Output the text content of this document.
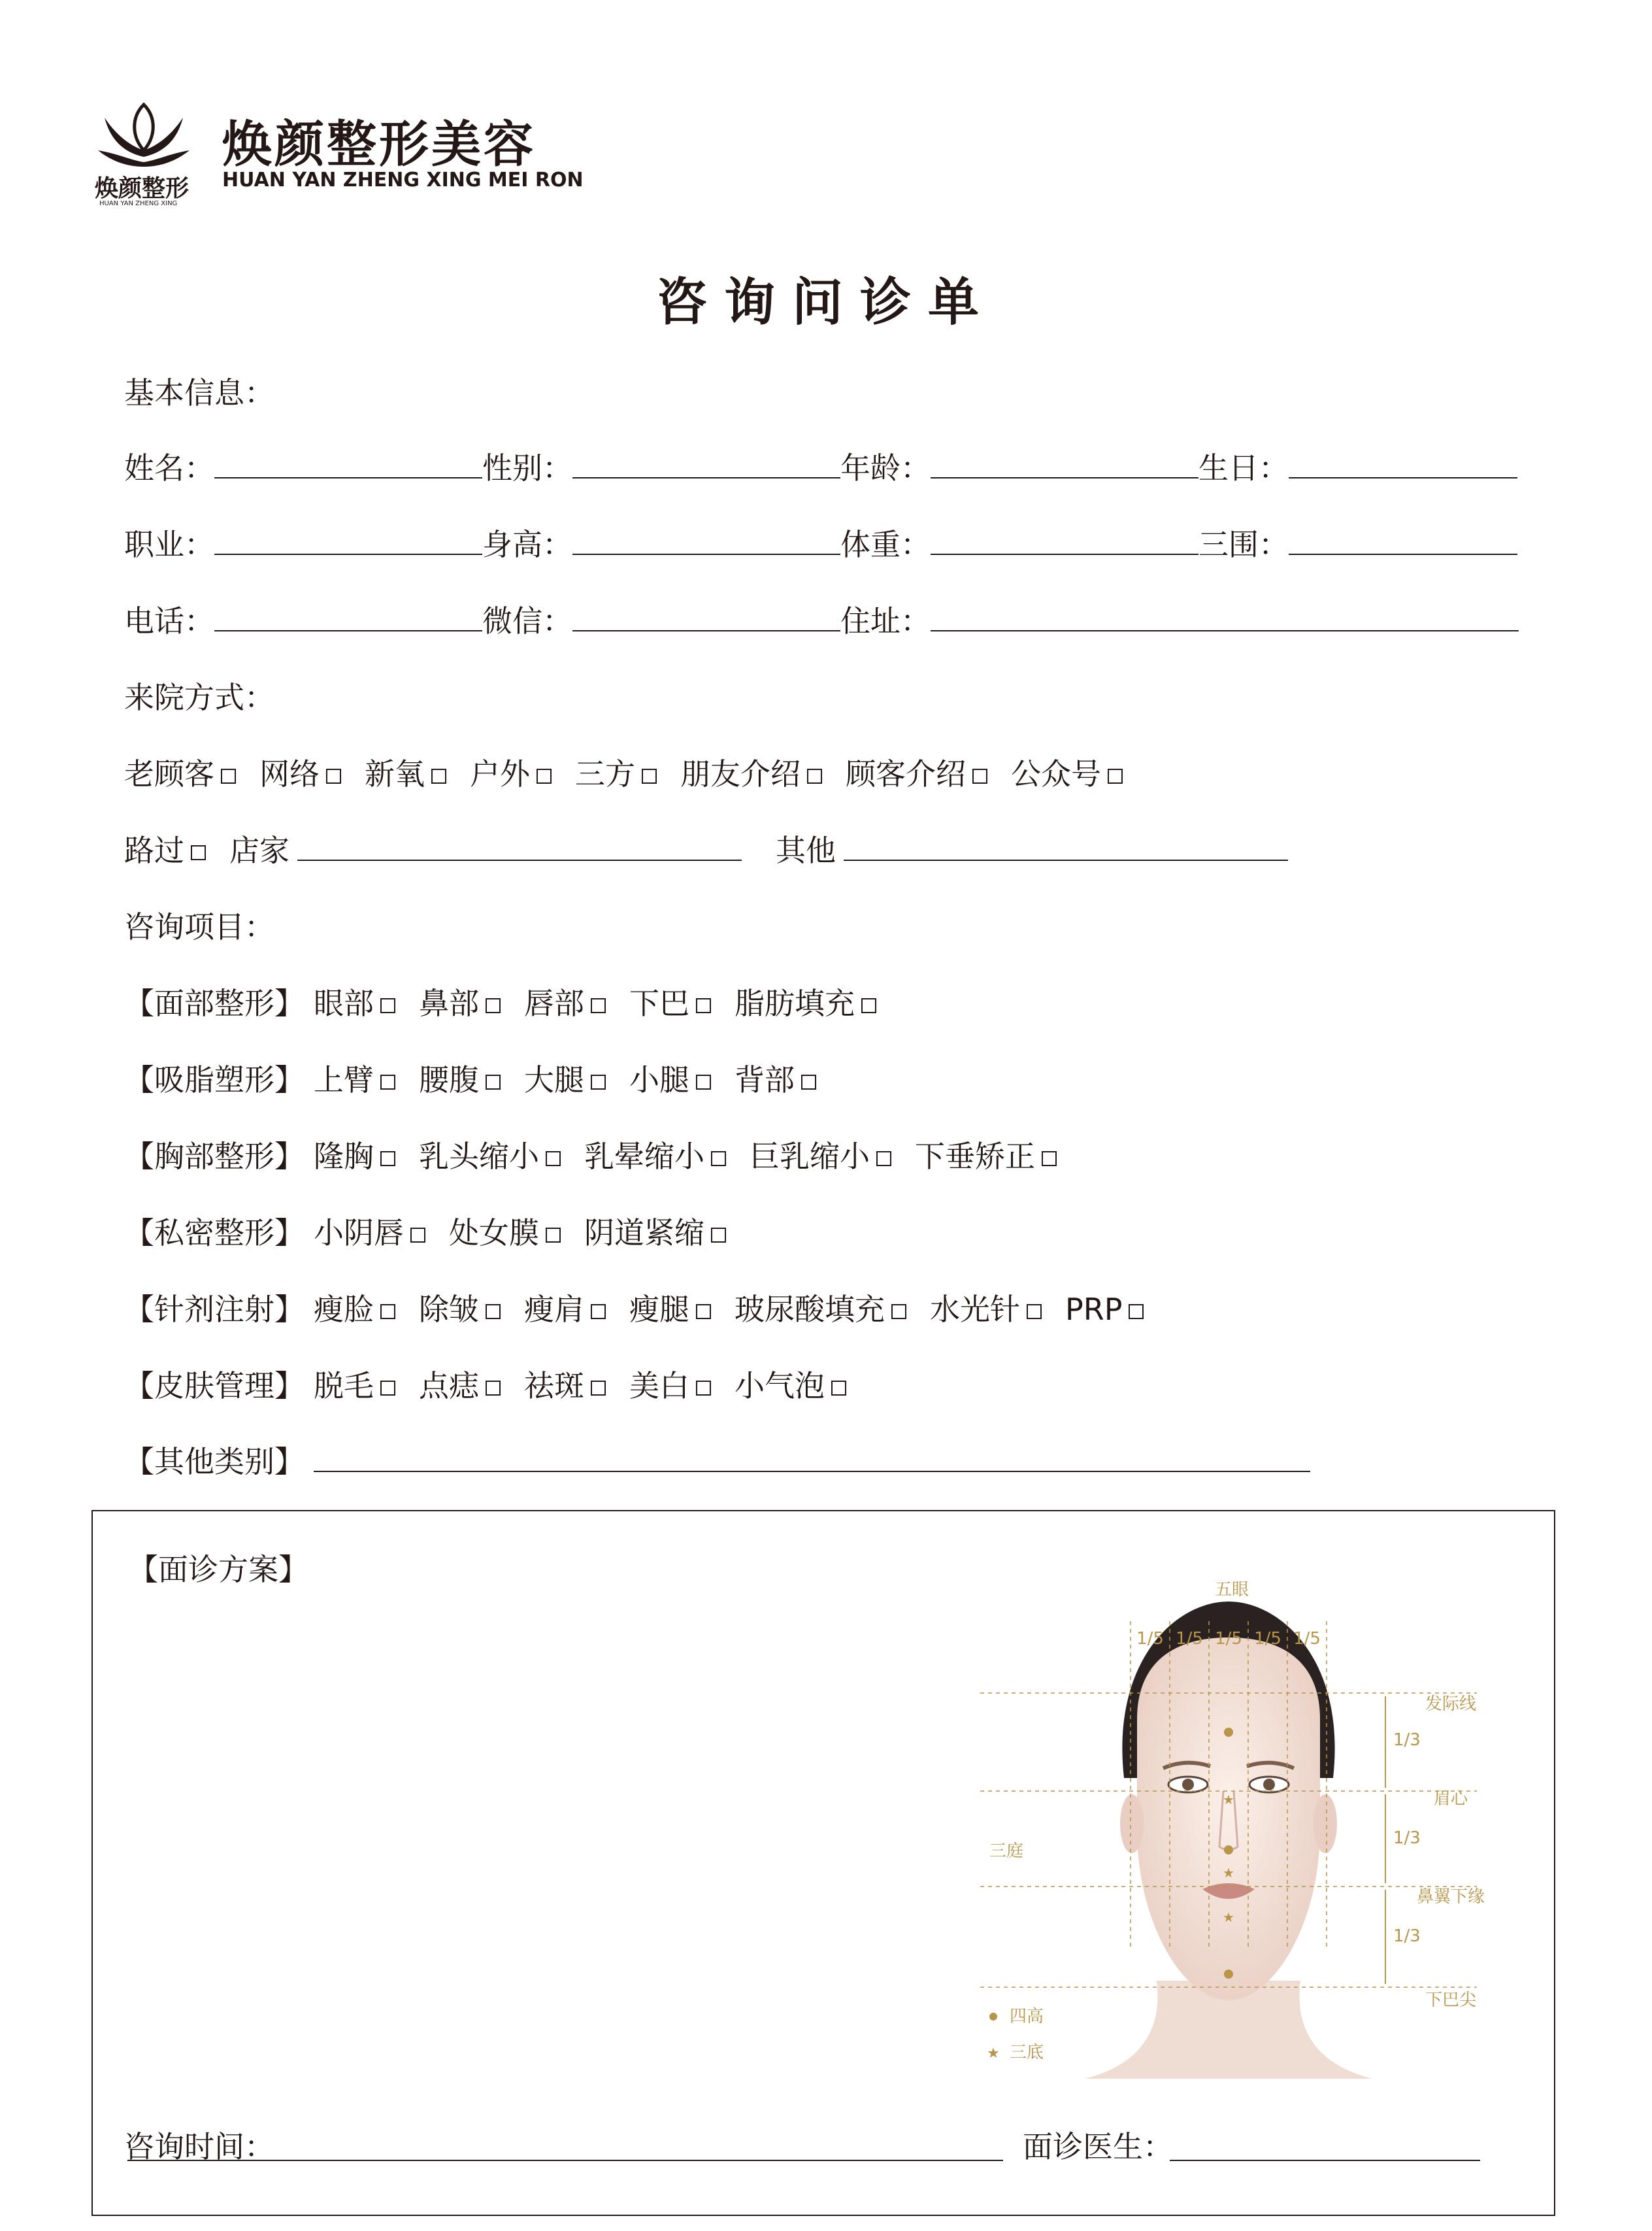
焕颜整形
HUAN YAN ZHENG XING
焕颜整形美容
HUAN YAN ZHENG XING MEI RON
咨询问诊单
基本信息：
姓名：	性别：	年龄：	生日：
职业：	身高：	体重：	三围：
电话：	微信：	住址：
来院方式：
老顾客 网络 新氧 户外 三方 朋友介绍 顾客介绍 公众号
路过 店家	其他
咨询项目：
【面部整形】 眼部 鼻部 唇部 下巴 脂肪填充
【吸脂塑形】 上臂 腰腹 大腿 小腿 背部
【胸部整形】 隆胸 乳头缩小 乳晕缩小 巨乳缩小 下垂矫正
【私密整形】 小阴唇 处女膜 阴道紧缩
【针剂注射】 瘦脸 除皱 瘦肩 瘦腿 玻尿酸填充 水光针 PRP
【皮肤管理】 脱毛 点痣 祛斑 美白 小气泡
【其他类别】
【面诊方案】
★
★
★
五眼
1/5 1/5 1/5 1/5 1/5
1/3
1/3
1/3
发际线
眉心
鼻翼下缘
下巴尖
三庭
四高
★ 三底
咨询时间：	面诊医生：
